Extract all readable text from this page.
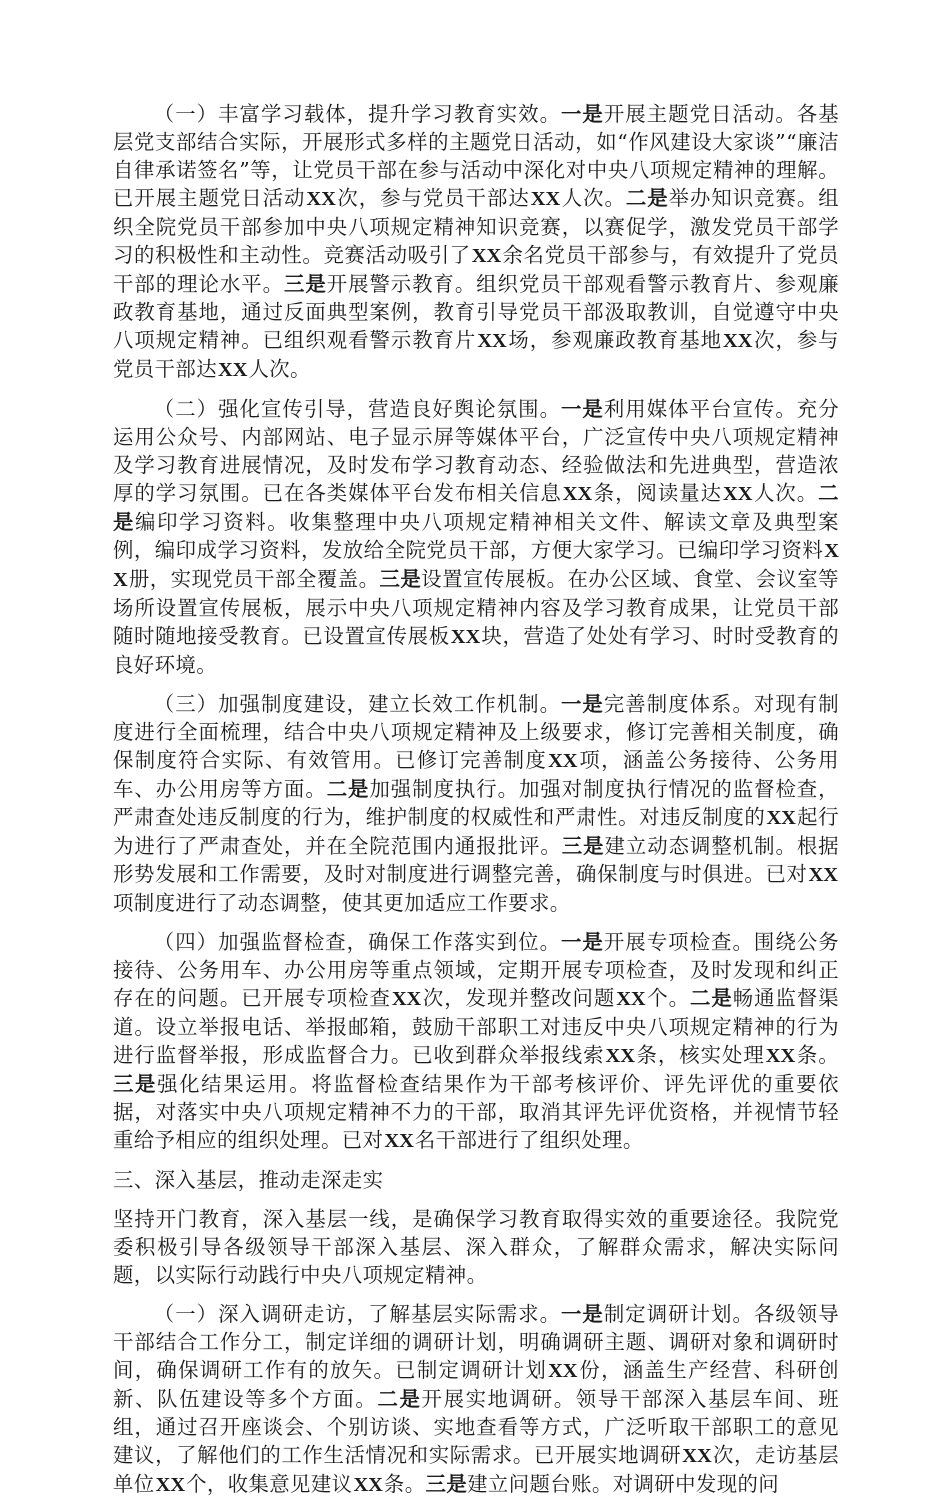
（一）丰富学习载体，提升学习教育实效。一是开展主题党日活动。各基层党支部结合实际，开展形式多样的主题党日活动，如“作风建设大家谈”“廉洁自律承诺签名”等，让党员干部在参与活动中深化对中央八项规定精神的理解。已开展主题党日活动XX次，参与党员干部达XX人次。二是举办知识竞赛。组织全院党员干部参加中央八项规定精神知识竞赛，以赛促学，激发党员干部学习的积极性和主动性。竞赛活动吸引了XX余名党员干部参与，有效提升了党员干部的理论水平。三是开展警示教育。组织党员干部观看警示教育片、参观廉政教育基地，通过反面典型案例，教育引导党员干部汲取教训，自觉遵守中央八项规定精神。已组织观看警示教育片XX场，参观廉政教育基地XX次，参与党员干部达XX人次。

（二）强化宣传引导，营造良好舆论氛围。一是利用媒体平台宣传。充分运用公众号、内部网站、电子显示屏等媒体平台，广泛宣传中央八项规定精神及学习教育进展情况，及时发布学习教育动态、经验做法和先进典型，营造浓厚的学习氛围。已在各类媒体平台发布相关信息XX条，阅读量达XX人次。二是编印学习资料。收集整理中央八项规定精神相关文件、解读文章及典型案例，编印成学习资料，发放给全院党员干部，方便大家学习。已编印学习资料XX册，实现党员干部全覆盖。三是设置宣传展板。在办公区域、食堂、会议室等场所设置宣传展板，展示中央八项规定精神内容及学习教育成果，让党员干部随时随地接受教育。已设置宣传展板XX块，营造了处处有学习、时时受教育的良好环境。

（三）加强制度建设，建立长效工作机制。一是完善制度体系。对现有制度进行全面梳理，结合中央八项规定精神及上级要求，修订完善相关制度，确保制度符合实际、有效管用。已修订完善制度XX项，涵盖公务接待、公务用车、办公用房等方面。二是加强制度执行。加强对制度执行情况的监督检查，严肃查处违反制度的行为，维护制度的权威性和严肃性。对违反制度的XX起行为进行了严肃查处，并在全院范围内通报批评。三是建立动态调整机制。根据形势发展和工作需要，及时对制度进行调整完善，确保制度与时俱进。已对XX项制度进行了动态调整，使其更加适应工作要求。

（四）加强监督检查，确保工作落实到位。一是开展专项检查。围绕公务接待、公务用车、办公用房等重点领域，定期开展专项检查，及时发现和纠正存在的问题。已开展专项检查XX次，发现并整改问题XX个。二是畅通监督渠道。设立举报电话、举报邮箱，鼓励干部职工对违反中央八项规定精神的行为进行监督举报，形成监督合力。已收到群众举报线索XX条，核实处理XX条。三是强化结果运用。将监督检查结果作为干部考核评价、评先评优的重要依据，对落实中央八项规定精神不力的干部，取消其评先评优资格，并视情节轻重给予相应的组织处理。已对XX名干部进行了组织处理。

三、深入基层，推动走深走实

坚持开门教育，深入基层一线，是确保学习教育取得实效的重要途径。我院党委积极引导各级领导干部深入基层、深入群众，了解群众需求，解决实际问题，以实际行动践行中央八项规定精神。

（一）深入调研走访，了解基层实际需求。一是制定调研计划。各级领导干部结合工作分工，制定详细的调研计划，明确调研主题、调研对象和调研时间，确保调研工作有的放矢。已制定调研计划XX份，涵盖生产经营、科研创新、队伍建设等多个方面。二是开展实地调研。领导干部深入基层车间、班组，通过召开座谈会、个别访谈、实地查看等方式，广泛听取干部职工的意见建议，了解他们的工作生活情况和实际需求。已开展实地调研XX次，走访基层单位XX个，收集意见建议XX条。三是建立问题台账。对调研中发现的问
